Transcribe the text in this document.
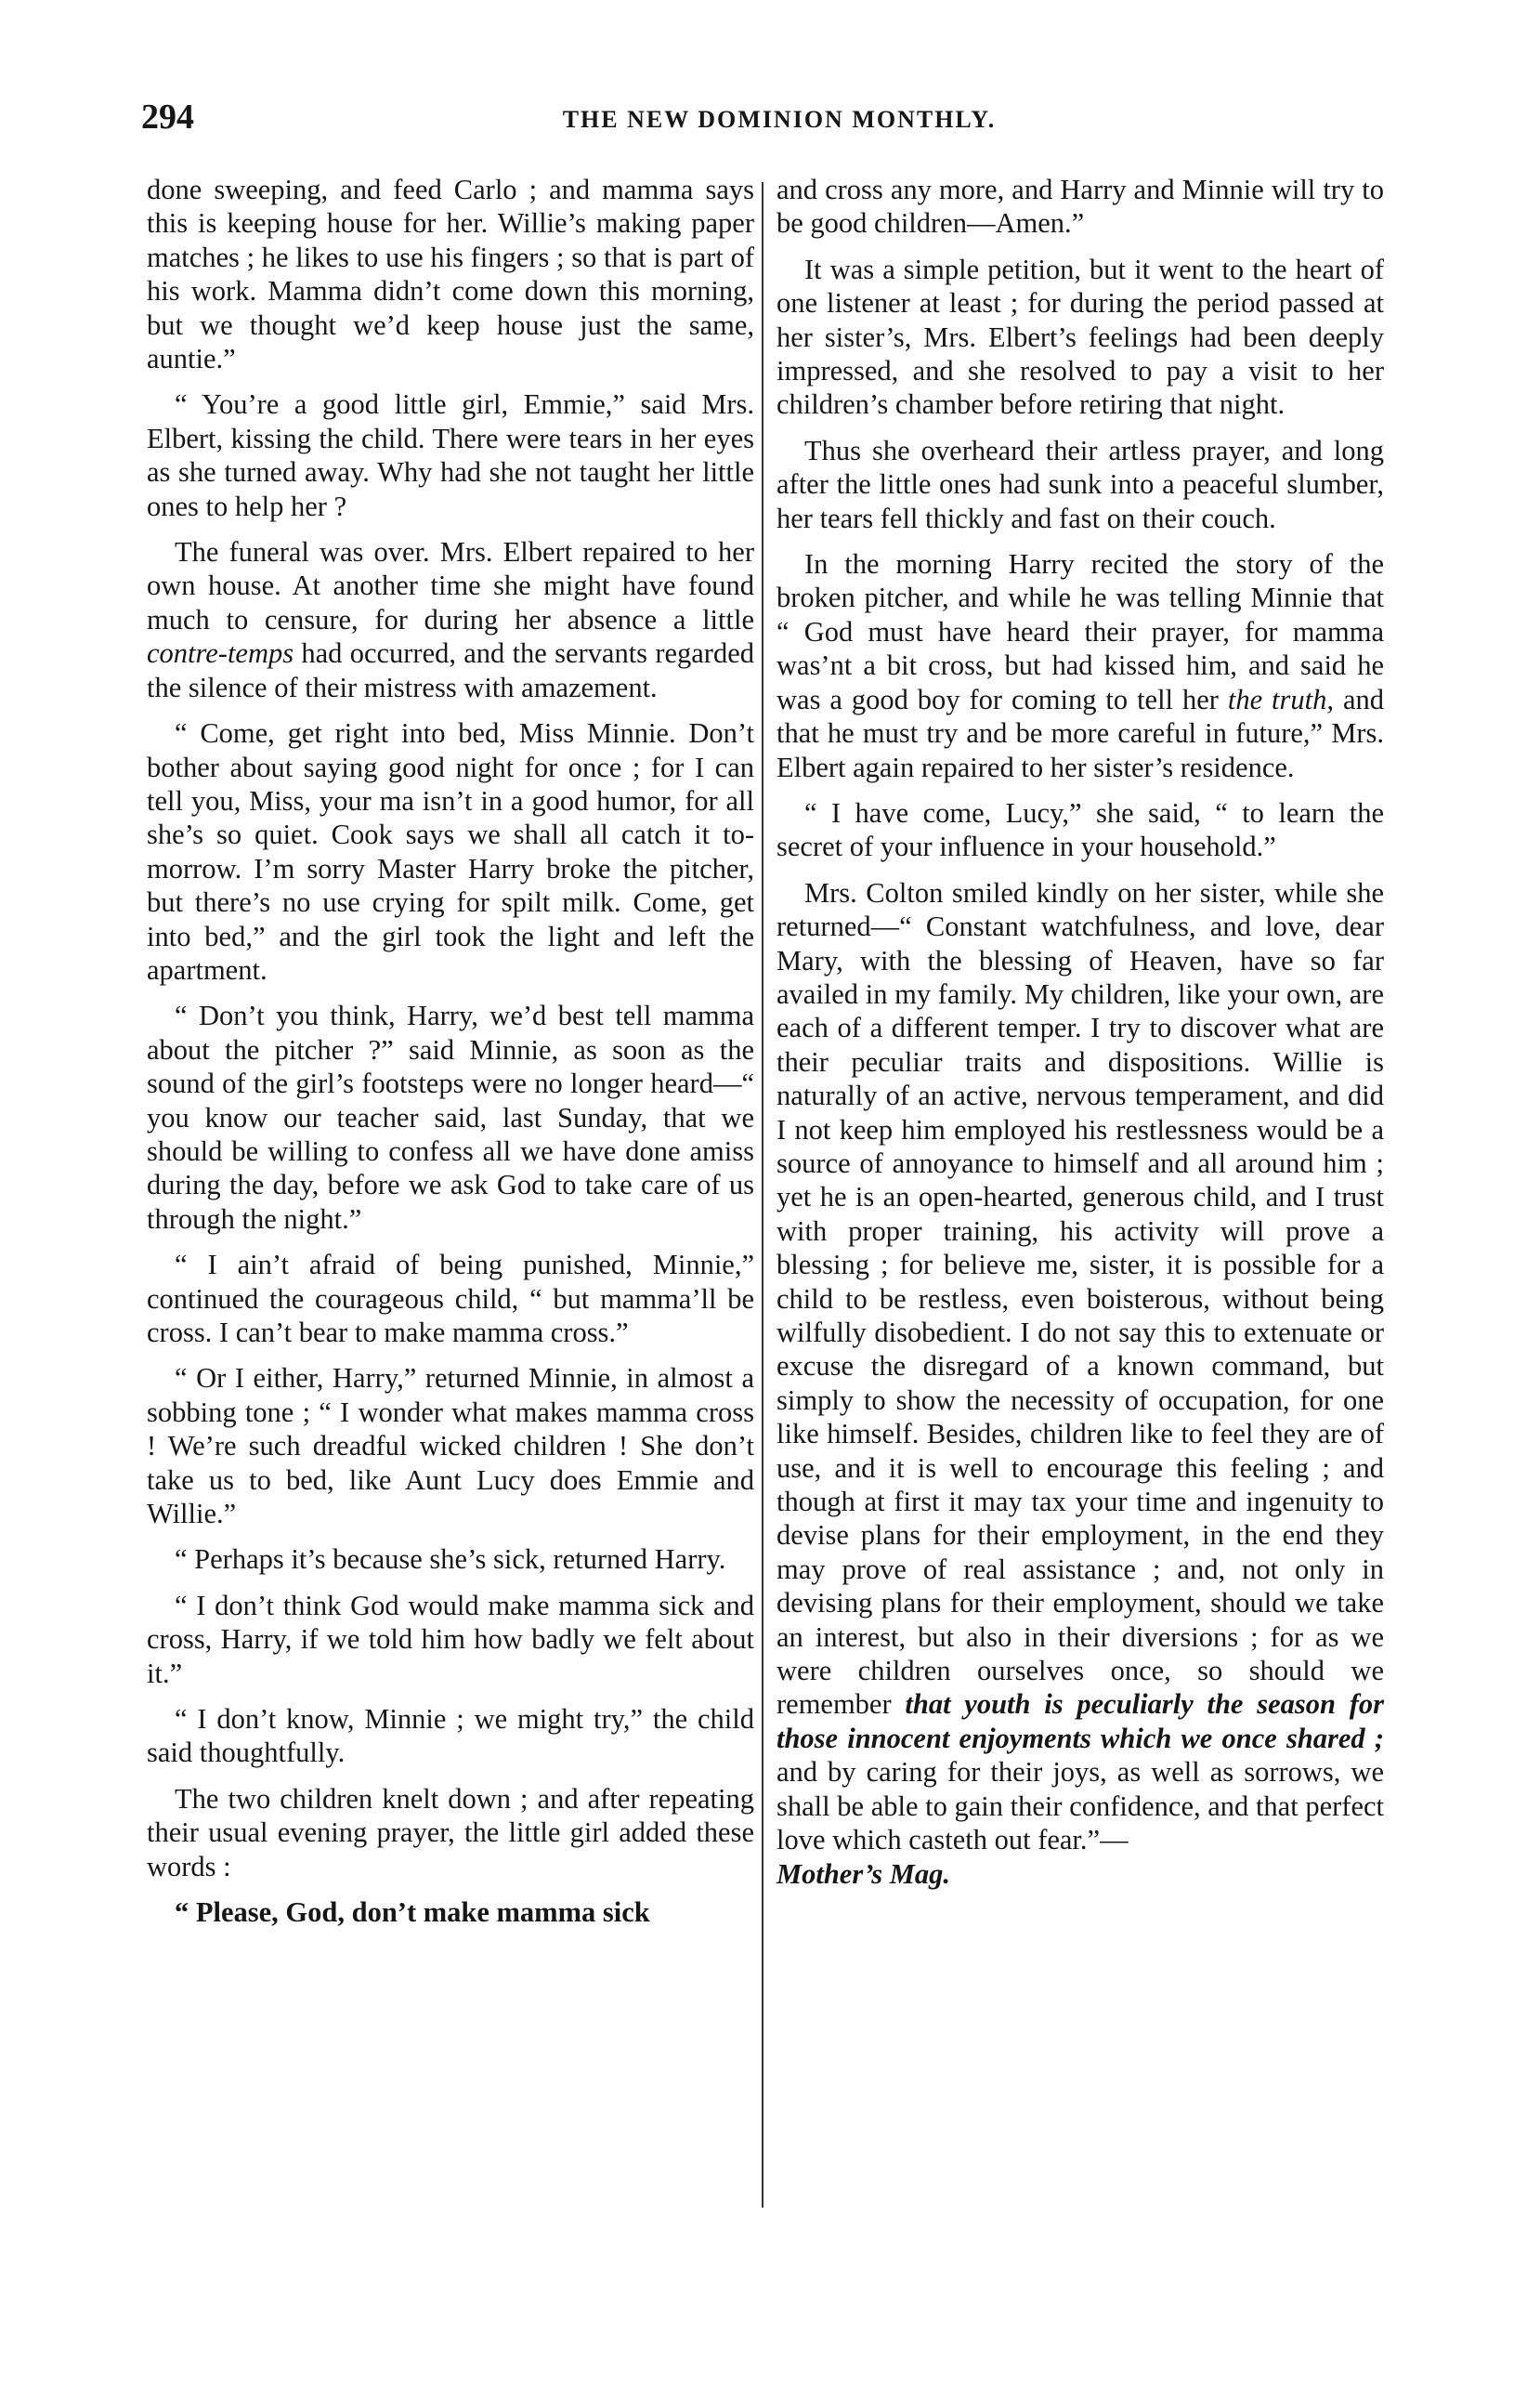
294	THE NEW DOMINION MONTHLY.

done sweeping, and feed Carlo ; and mamma says this is keeping house for her. Willie’s making paper matches ; he likes to use his fingers ; so that is part of his work. Mamma didn’t come down this morning, but we thought we’d keep house just the same, auntie.”

“ You’re a good little girl, Emmie,” said Mrs. Elbert, kissing the child. There were tears in her eyes as she turned away. Why had she not taught her little ones to help her ?

The funeral was over. Mrs. Elbert repaired to her own house. At another time she might have found much to censure, for during her absence a little contre-temps had occurred, and the servants regarded the silence of their mistress with amazement.

“ Come, get right into bed, Miss Minnie. Don’t bother about saying good night for once ; for I can tell you, Miss, your ma isn’t in a good humor, for all she’s so quiet. Cook says we shall all catch it to-morrow. I’m sorry Master Harry broke the pitcher, but there’s no use crying for spilt milk. Come, get into bed,” and the girl took the light and left the apartment.

“ Don’t you think, Harry, we’d best tell mamma about the pitcher ?” said Minnie, as soon as the sound of the girl’s footsteps were no longer heard—“ you know our teacher said, last Sunday, that we should be willing to confess all we have done amiss during the day, before we ask God to take care of us through the night.”

“ I ain’t afraid of being punished, Minnie,” continued the courageous child, “ but mamma’ll be cross. I can’t bear to make mamma cross.”

“ Or I either, Harry,” returned Minnie, in almost a sobbing tone ; “ I wonder what makes mamma cross ! We’re such dreadful wicked children ! She don’t take us to bed, like Aunt Lucy does Emmie and Willie.”

“ Perhaps it’s because she’s sick, returned Harry.

“ I don’t think God would make mamma sick and cross, Harry, if we told him how badly we felt about it.”

“ I don’t know, Minnie ; we might try,” the child said thoughtfully.

The two children knelt down ; and after repeating their usual evening prayer, the little girl added these words :

“ Please, God, don’t make mamma sick

and cross any more, and Harry and Minnie will try to be good children—Amen.”

It was a simple petition, but it went to the heart of one listener at least ; for during the period passed at her sister’s, Mrs. Elbert’s feelings had been deeply impressed, and she resolved to pay a visit to her children’s chamber before retiring that night.

Thus she overheard their artless prayer, and long after the little ones had sunk into a peaceful slumber, her tears fell thickly and fast on their couch.

In the morning Harry recited the story of the broken pitcher, and while he was telling Minnie that “ God must have heard their prayer, for mamma was’nt a bit cross, but had kissed him, and said he was a good boy for coming to tell her the truth, and that he must try and be more careful in future,” Mrs. Elbert again repaired to her sister’s residence.

“ I have come, Lucy,” she said, “ to learn the secret of your influence in your household.”

Mrs. Colton smiled kindly on her sister, while she returned—“ Constant watchfulness, and love, dear Mary, with the blessing of Heaven, have so far availed in my family. My children, like your own, are each of a different temper. I try to discover what are their peculiar traits and dispositions. Willie is naturally of an active, nervous temperament, and did I not keep him employed his restlessness would be a source of annoyance to himself and all around him ; yet he is an open-hearted, generous child, and I trust with proper training, his activity will prove a blessing ; for believe me, sister, it is possible for a child to be restless, even boisterous, without being wilfully disobedient. I do not say this to extenuate or excuse the disregard of a known command, but simply to show the necessity of occupation, for one like himself. Besides, children like to feel they are of use, and it is well to encourage this feeling ; and though at first it may tax your time and ingenuity to devise plans for their employment, in the end they may prove of real assistance ; and, not only in devising plans for their employment, should we take an interest, but also in their diversions ; for as we were children ourselves once, so should we remember that youth is peculiarly the season for those innocent enjoyments which we once shared ; and by caring for their joys, as well as sorrows, we shall be able to gain their confidence, and that perfect love which casteth out fear.”—
Mother’s Mag.
